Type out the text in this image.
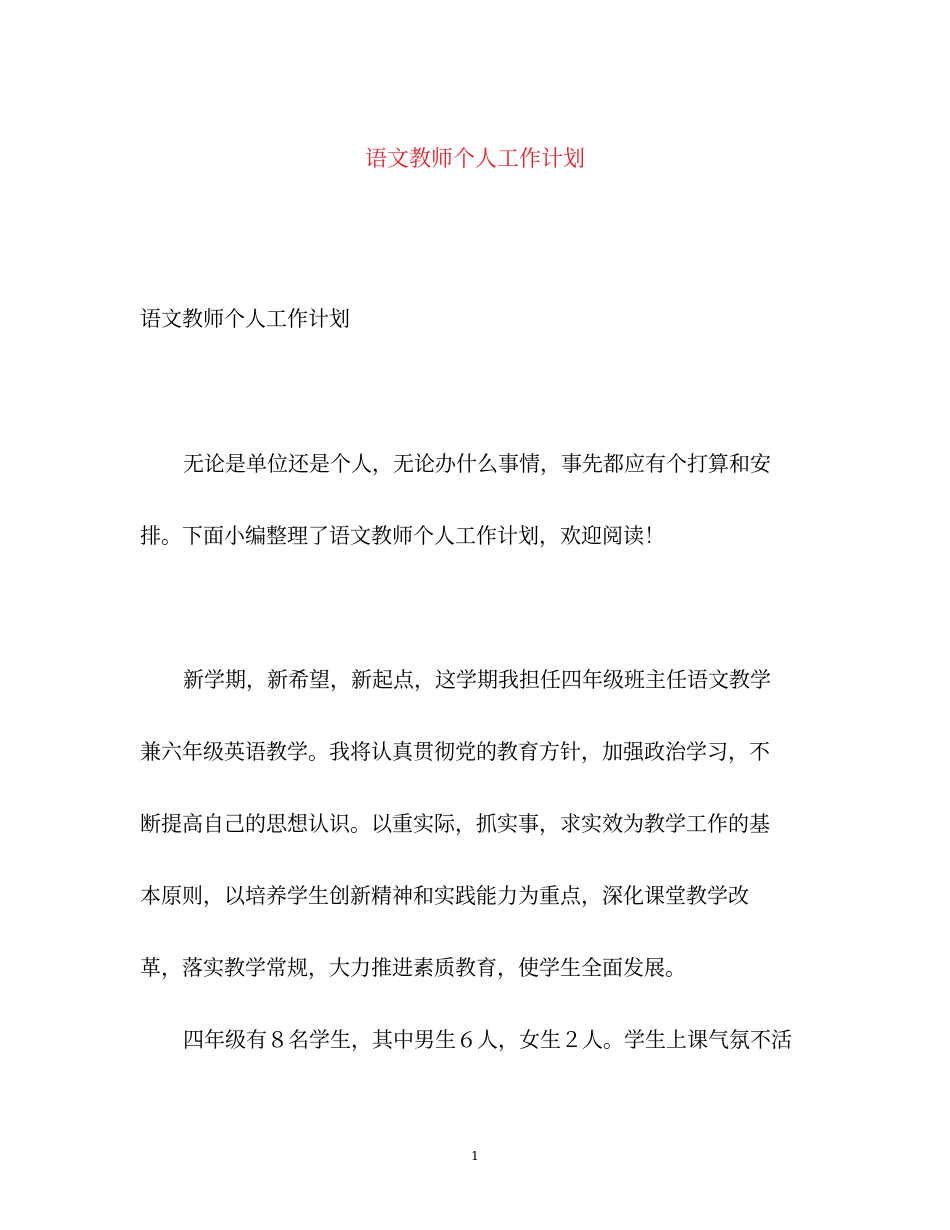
语文教师个人工作计划
语文教师个人工作计划
无论是单位还是个人，无论办什么事情，事先都应有个打算和安
排。下面小编整理了语文教师个人工作计划，欢迎阅读！
新学期，新希望，新起点，这学期我担任四年级班主任语文教学
兼六年级英语教学。我将认真贯彻党的教育方针，加强政治学习，不
断提高自己的思想认识。以重实际，抓实事，求实效为教学工作的基
本原则，以培养学生创新精神和实践能力为重点，深化课堂教学改
革，落实教学常规，大力推进素质教育，使学生全面发展。
四年级有８名学生，其中男生６人，女生２人。学生上课气氛不活
1
